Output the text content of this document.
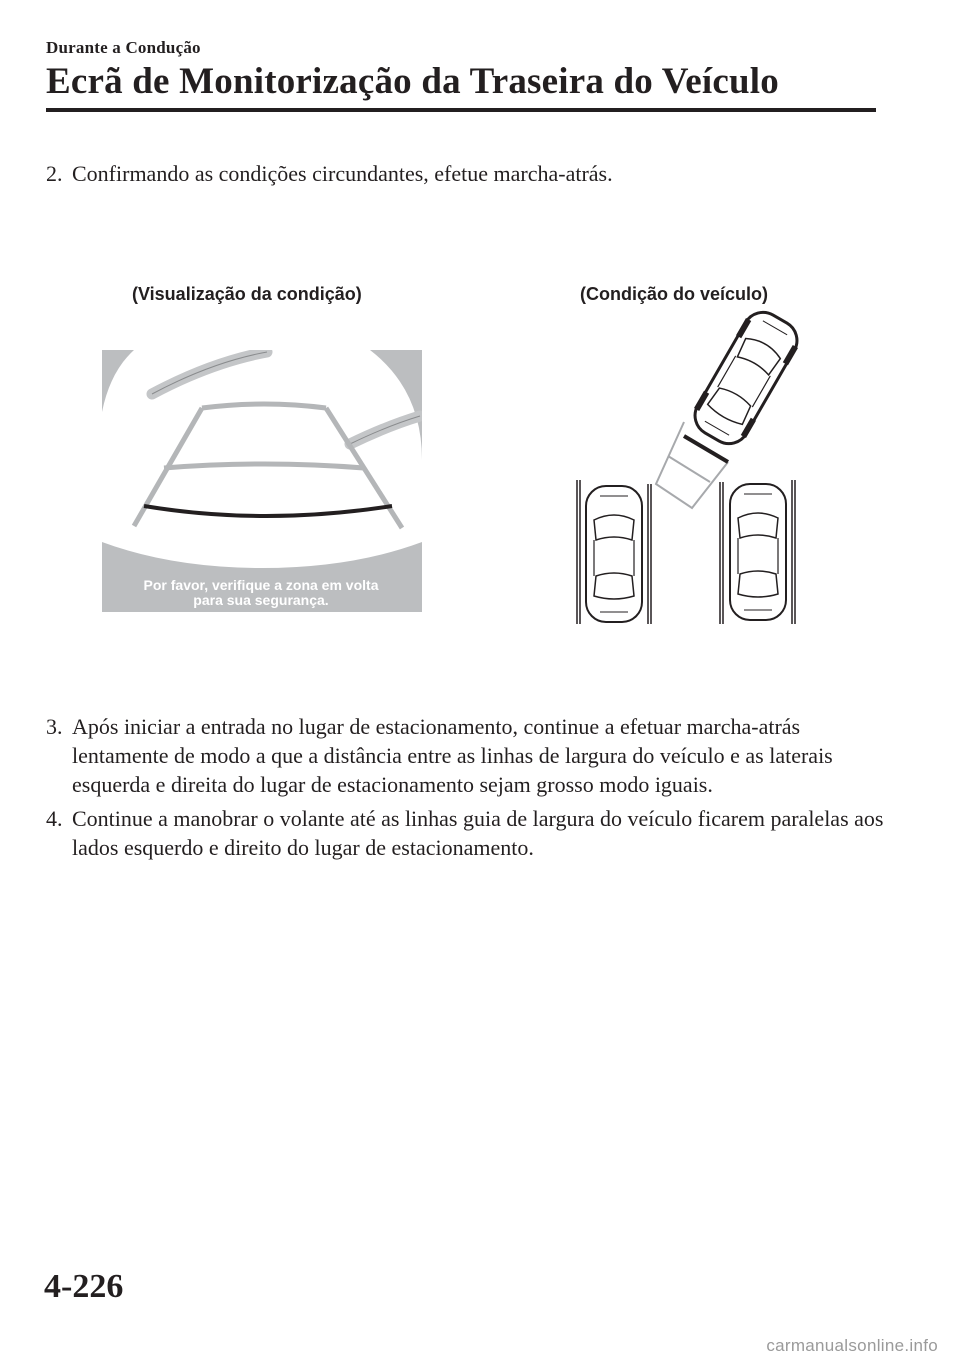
Durante a Condução
Ecrã de Monitorização da Traseira do Veículo
2. Confirmando as condições circundantes, efetue marcha-atrás.
(Visualização da condição)	(Condição do veículo)
Por favor, verifique a zona em volta
para sua segurança.
3. Após iniciar a entrada no lugar de estacionamento, continue a efetuar marcha-atrás lentamente de modo a que a distância entre as linhas de largura do veículo e as laterais esquerda e direita do lugar de estacionamento sejam grosso modo iguais.
4. Continue a manobrar o volante até as linhas guia de largura do veículo ficarem paralelas aos lados esquerdo e direito do lugar de estacionamento.
4-226
carmanualsonline.info
